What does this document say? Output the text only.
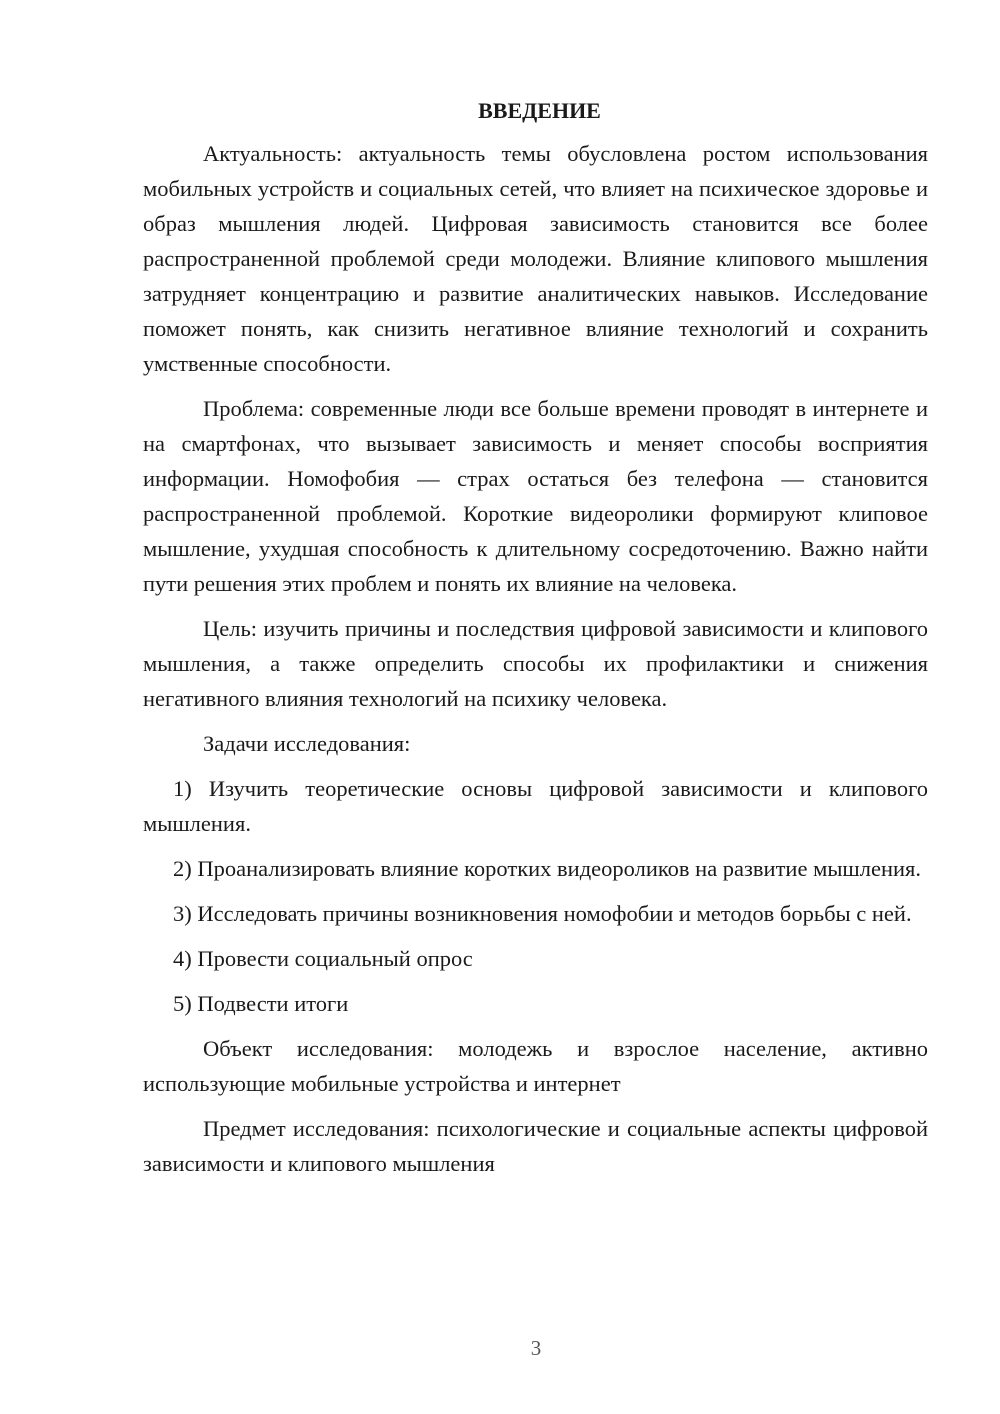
ВВЕДЕНИЕ

Актуальность: актуальность темы обусловлена ростом использования мобильных устройств и социальных сетей, что влияет на психическое здоровье и образ мышления людей. Цифровая зависимость становится все более распространенной проблемой среди молодежи. Влияние клипового мышления затрудняет концентрацию и развитие аналитических навыков. Исследование поможет понять, как снизить негативное влияние технологий и сохранить умственные способности.

Проблема: современные люди все больше времени проводят в интернете и на смартфонах, что вызывает зависимость и меняет способы восприятия информации. Номофобия — страх остаться без телефона — становится распространенной проблемой. Короткие видеоролики формируют клиповое мышление, ухудшая способность к длительному сосредоточению. Важно найти пути решения этих проблем и понять их влияние на человека.

Цель: изучить причины и последствия цифровой зависимости и клипового мышления, а также определить способы их профилактики и снижения негативного влияния технологий на психику человека.

Задачи исследования:

1) Изучить теоретические основы цифровой зависимости и клипового мышления.

2) Проанализировать влияние коротких видеороликов на развитие мышления.

3) Исследовать причины возникновения номофобии и методов борьбы с ней.

4) Провести социальный опрос

5) Подвести итоги

Объект исследования: молодежь и взрослое население, активно использующие мобильные устройства и интернет

Предмет исследования: психологические и социальные аспекты цифровой зависимости и клипового мышления

3
